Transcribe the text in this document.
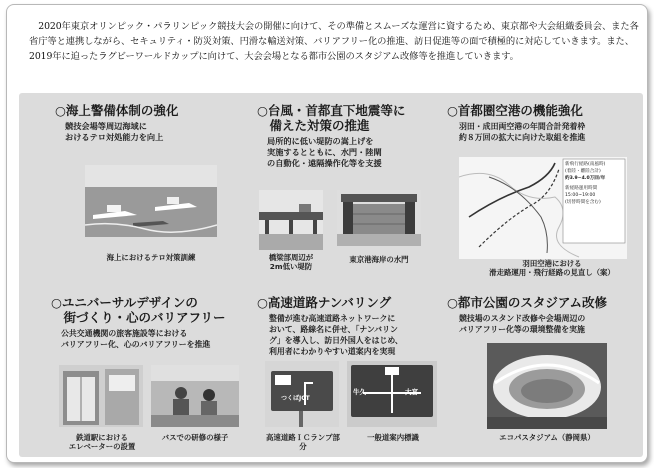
2020年東京オリンピック・パラリンピック競技大会の開催に向けて、その準備とスムーズな運営に資するため、東京都や大会組織委員会、また各省庁等と連携しながら、セキュリティ・防災対策、円滑な輸送対策、バリアフリー化の推進、訪日促進等の面で積極的に対応していきます。また、2019年に迫ったラグビーワールドカップに向けて、大会会場となる都市公園のスタジアム改修等を推進していきます。

○海上警備体制の強化

競技会場等周辺海域に
おけるテロ対処能力を向上

海上におけるテロ対策訓練
○台風・首都直下地震等に
　備えた対策の推進

局所的に低い堤防の嵩上げを
実施するとともに、水門・陸閘
の自動化・遠隔操作化等を支援

橋梁部周辺が
2m低い堤防
東京港海岸の水門
○首都圏空港の機能強化

羽田・成田両空港の年間合計発着枠
約８万回の拡大に向けた取組を推進

新飛行経路(南風時)
(着陸・離陸合計)
約3.9~4.0万回/年
新経路運用時間
15:00~19:00
(切替時間を含む)
羽田空港における
滑走路運用・飛行経路の見直し（案）
○ユニバーサルデザインの
　街づくり・心のバリアフリー

公共交通機関の旅客施設等における
バリアフリー化、心のバリアフリーを推進

鉄道駅における
エレベーターの設置
バスでの研修の様子
○高速道路ナンバリング

整備が進む高速道路ネットワークに
おいて、路線名に併せ、「ナンバリン
グ」を導入し、訪日外国人をはじめ、
利用者にわかりやすい道案内を実現

つくばJCT
牛久	大宮
高速道路ＩＣランプ部分
一般道案内標識
○都市公園のスタジアム改修

競技場のスタンド改修や会場周辺の
バリアフリー化等の環境整備を実施

エコパスタジアム（静岡県）
